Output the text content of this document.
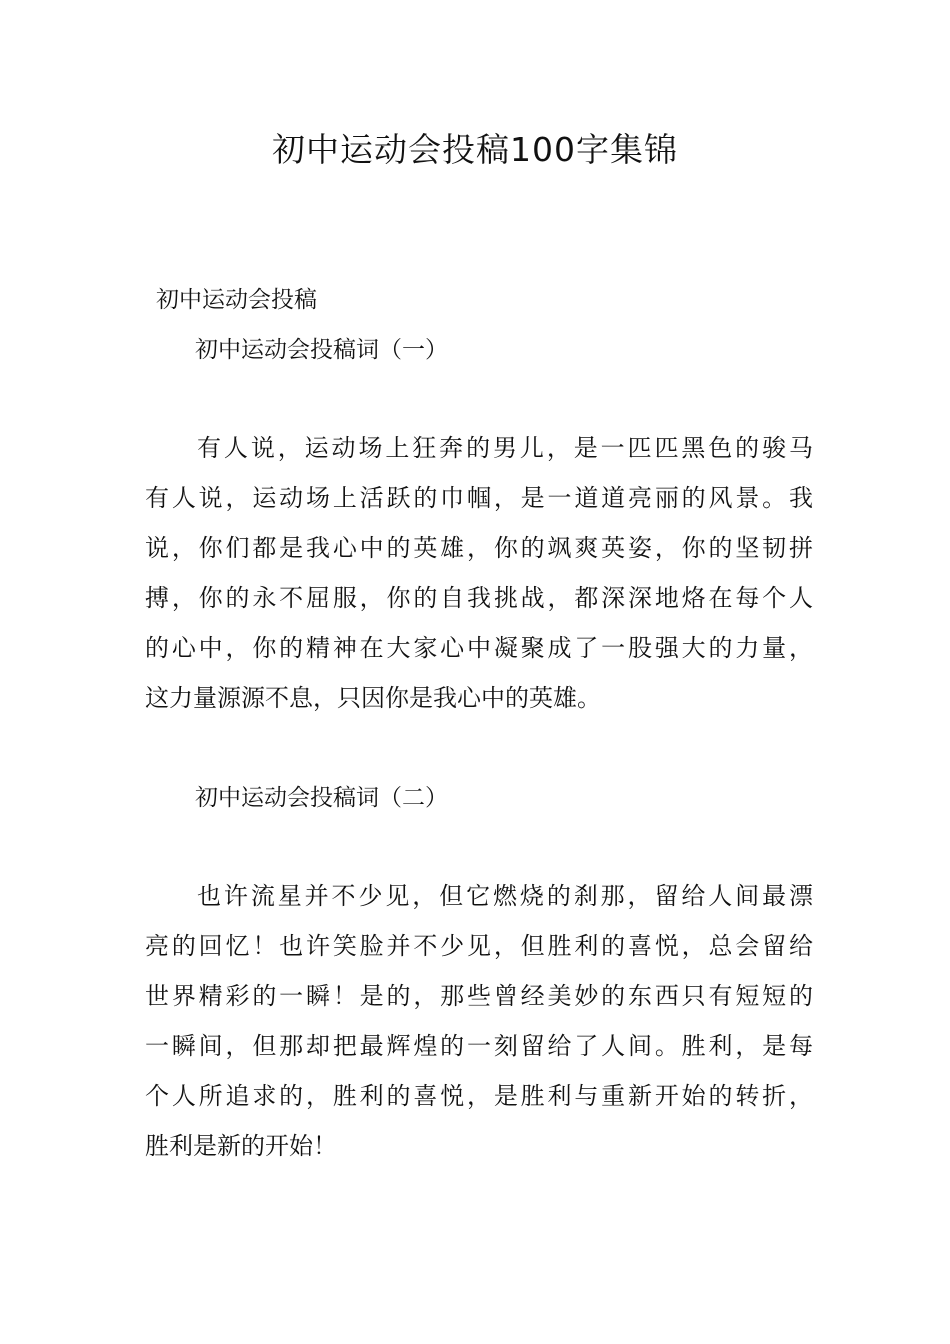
初中运动会投稿100字集锦

初中运动会投稿

初中运动会投稿词（一）
有人说，运动场上狂奔的男儿，是一匹匹黑色的骏马
有人说，运动场上活跃的巾帼，是一道道亮丽的风景。我
说，你们都是我心中的英雄，你的飒爽英姿，你的坚韧拼
搏，你的永不屈服，你的自我挑战，都深深地烙在每个人
的心中，你的精神在大家心中凝聚成了一股强大的力量，
这力量源源不息，只因你是我心中的英雄。
初中运动会投稿词（二）
也许流星并不少见，但它燃烧的刹那，留给人间最漂
亮的回忆！也许笑脸并不少见，但胜利的喜悦，总会留给
世界精彩的一瞬！是的，那些曾经美妙的东西只有短短的
一瞬间，但那却把最辉煌的一刻留给了人间。胜利，是每
个人所追求的，胜利的喜悦，是胜利与重新开始的转折，
胜利是新的开始！
